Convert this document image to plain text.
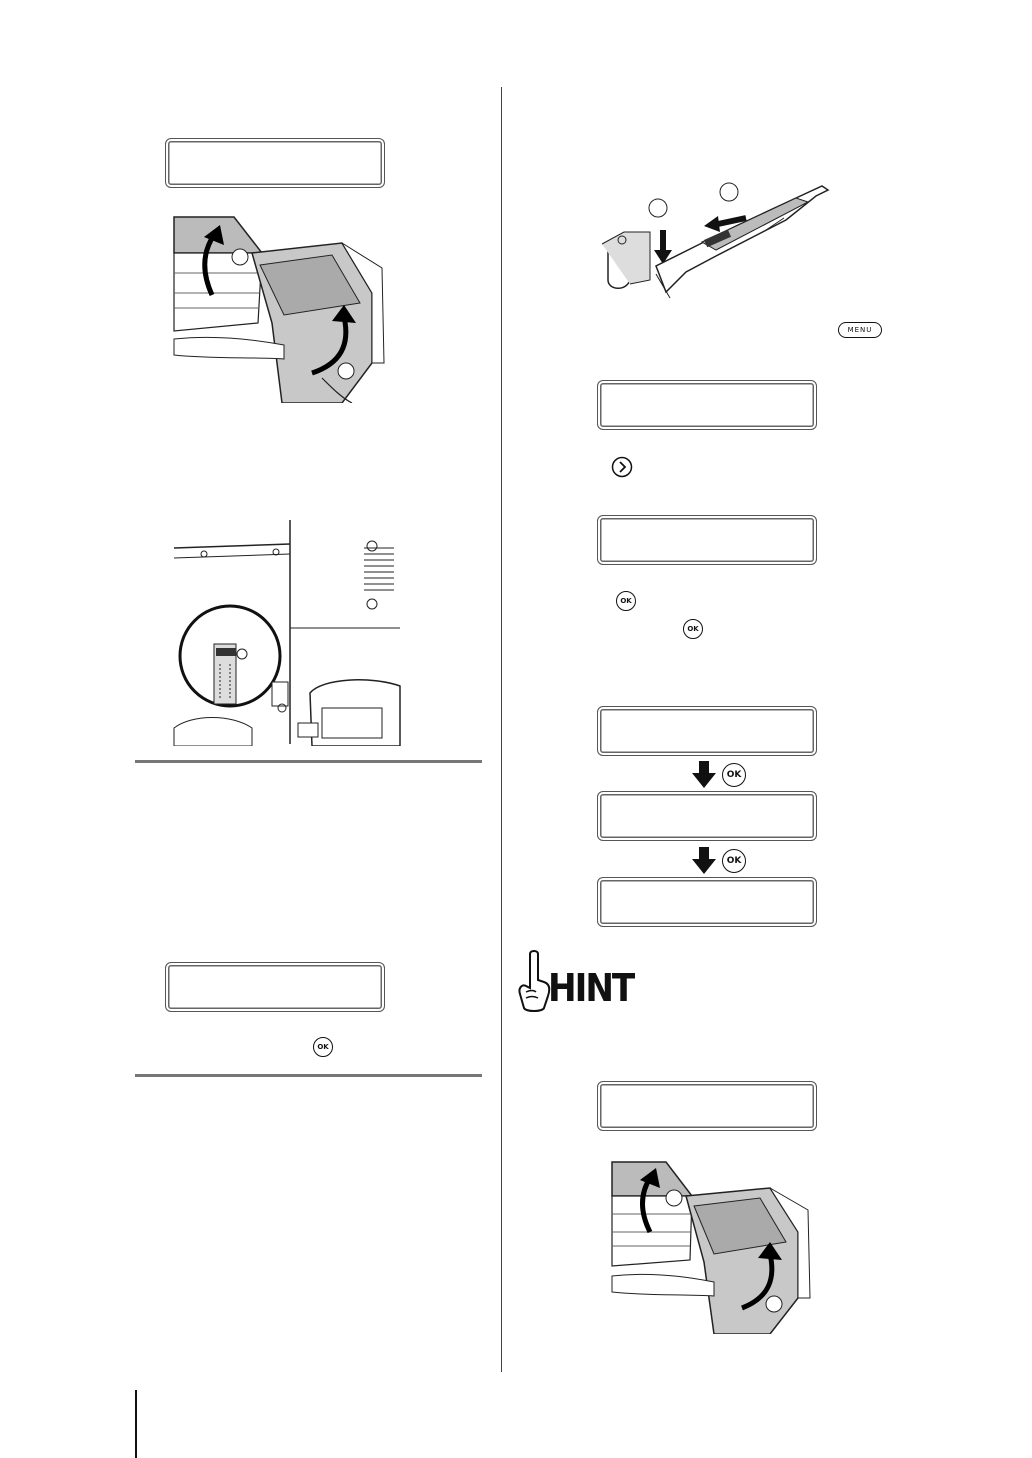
OK
MENU
OK
OK
OK
OK
HINT
